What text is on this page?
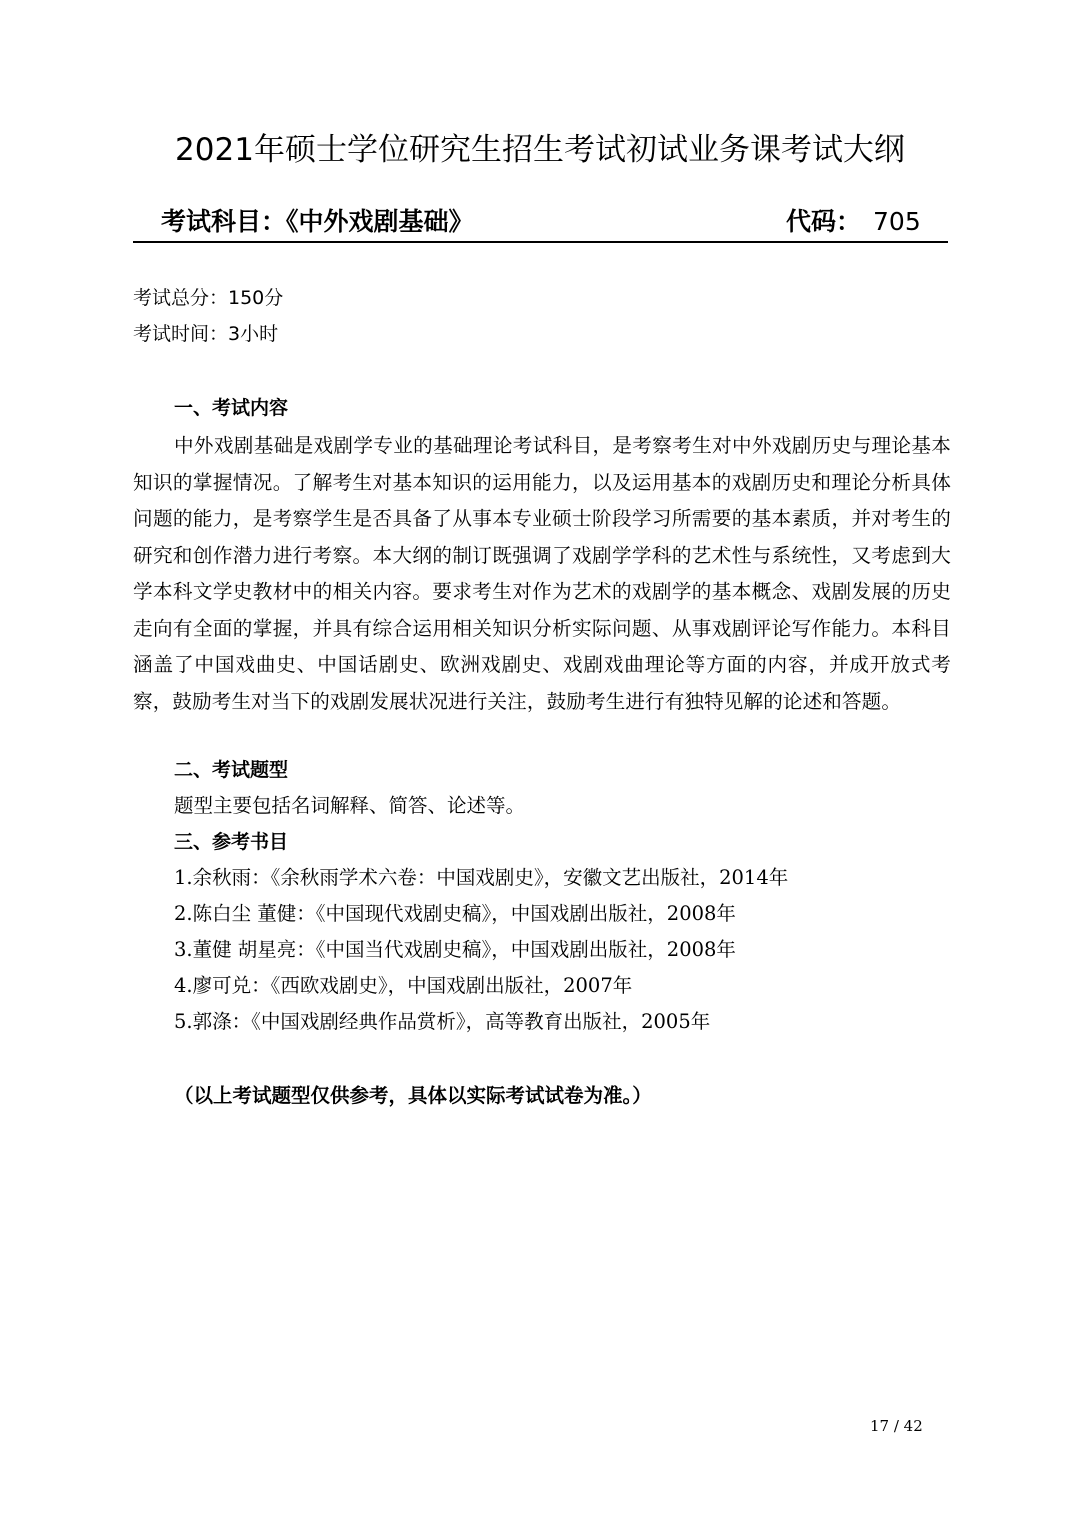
2021年硕士学位研究生招生考试初试业务课考试大纲
考试科目：《中外戏剧基础》	代码： 705
考试总分：150分
考试时间：3小时
一、考试内容
中外戏剧基础是戏剧学专业的基础理论考试科目，是考察考生对中外戏剧历史与理论基本知识的掌握情况。了解考生对基本知识的运用能力，以及运用基本的戏剧历史和理论分析具体问题的能力，是考察学生是否具备了从事本专业硕士阶段学习所需要的基本素质，并对考生的研究和创作潜力进行考察。本大纲的制订既强调了戏剧学学科的艺术性与系统性，又考虑到大学本科文学史教材中的相关内容。要求考生对作为艺术的戏剧学的基本概念、戏剧发展的历史走向有全面的掌握，并具有综合运用相关知识分析实际问题、从事戏剧评论写作能力。本科目涵盖了中国戏曲史、中国话剧史、欧洲戏剧史、戏剧戏曲理论等方面的内容，并成开放式考察，鼓励考生对当下的戏剧发展状况进行关注，鼓励考生进行有独特见解的论述和答题。
二、考试题型
题型主要包括名词解释、简答、论述等。
三、参考书目
1.余秋雨：《余秋雨学术六卷：中国戏剧史》，安徽文艺出版社，2014年
2.陈白尘 董健：《中国现代戏剧史稿》，中国戏剧出版社，2008年
3.董健 胡星亮：《中国当代戏剧史稿》，中国戏剧出版社，2008年
4.廖可兑：《西欧戏剧史》，中国戏剧出版社，2007年
5.郭涤：《中国戏剧经典作品赏析》，高等教育出版社，2005年
（以上考试题型仅供参考，具体以实际考试试卷为准。）
17 / 42
